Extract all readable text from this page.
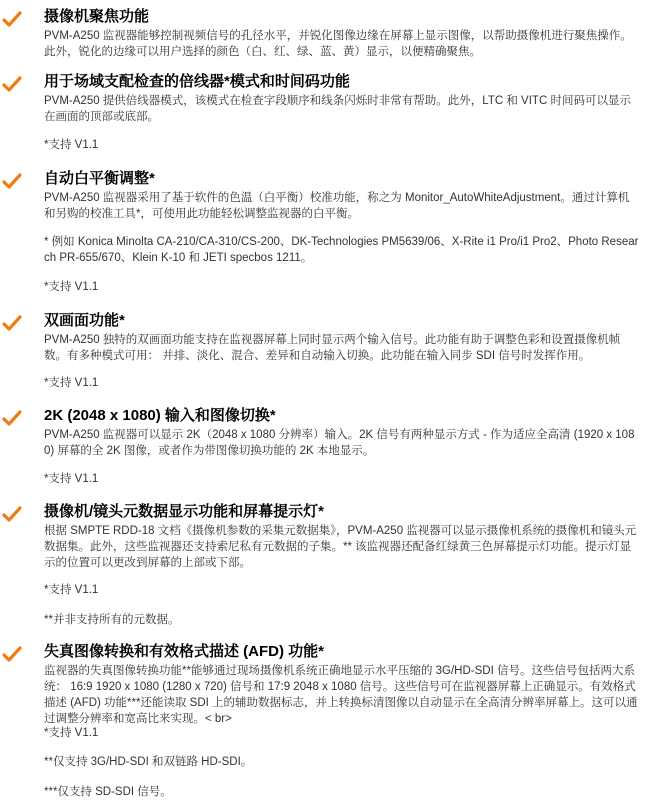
摄像机聚焦功能

PVM-A250 监视器能够控制视频信号的孔径水平，并锐化图像边缘在屏幕上显示图像，以帮助摄像机进行聚焦操作。此外，锐化的边缘可以用户选择的颜色（白、红、绿、蓝、黄）显示，以便精确聚焦。

用于场域支配检查的倍线器*模式和时间码功能

PVM-A250 提供倍线器模式，该模式在检查字段顺序和线条闪烁时非常有帮助。此外，LTC 和 VITC 时间码可以显示在画面的顶部或底部。

*支持 V1.1
自动白平衡调整*

PVM-A250 监视器采用了基于软件的色温（白平衡）校准功能，称之为 Monitor_AutoWhiteAdjustment。通过计算机和另购的校准工具*，可使用此功能轻松调整监视器的白平衡。

* 例如 Konica Minolta CA-210/CA-310/CS-200、DK-Technologies PM5639/06、X-Rite i1 Pro/i1 Pro2、Photo Research PR-655/670、Klein K-10 和 JETI specbos 1211。

*支持 V1.1
双画面功能*

PVM-A250 独特的双画面功能支持在监视器屏幕上同时显示两个输入信号。此功能有助于调整色彩和设置摄像机帧数。有多种模式可用： 并排、淡化、混合、差异和自动输入切换。此功能在输入同步 SDI 信号时发挥作用。

*支持 V1.1
2K (2048 x 1080) 输入和图像切换*

PVM-A250 监视器可以显示 2K（2048 x 1080 分辨率）输入。2K 信号有两种显示方式 - 作为适应全高清 (1920 x 1080) 屏幕的全 2K 图像，或者作为带图像切换功能的 2K 本地显示。

*支持 V1.1
摄像机/镜头元数据显示功能和屏幕提示灯*

根据 SMPTE RDD-18 文档《摄像机参数的采集元数据集》，PVM-A250 监视器可以显示摄像机系统的摄像机和镜头元数据集。此外，这些监视器还支持索尼私有元数据的子集。** 该监视器还配备红绿黄三色屏幕提示灯功能。提示灯显示的位置可以更改到屏幕的上部或下部。

*支持 V1.1
**并非支持所有的元数据。
失真图像转换和有效格式描述 (AFD) 功能*

监视器的失真图像转换功能**能够通过现场摄像机系统正确地显示水平压缩的 3G/HD-SDI 信号。这些信号包括两大系统： 16:9 1920 x 1080 (1280 x 720) 信号和 17:9 2048 x 1080 信号。这些信号可在监视器屏幕上正确显示。有效格式描述 (AFD) 功能***还能读取 SDI 上的辅助数据标志，并上转换标清图像以自动显示在全高清分辨率屏幕上。这可以通过调整分辨率和宽高比来实现。< br>

*支持 V1.1
**仅支持 3G/HD-SDI 和双链路 HD-SDI。
***仅支持 SD-SDI 信号。
